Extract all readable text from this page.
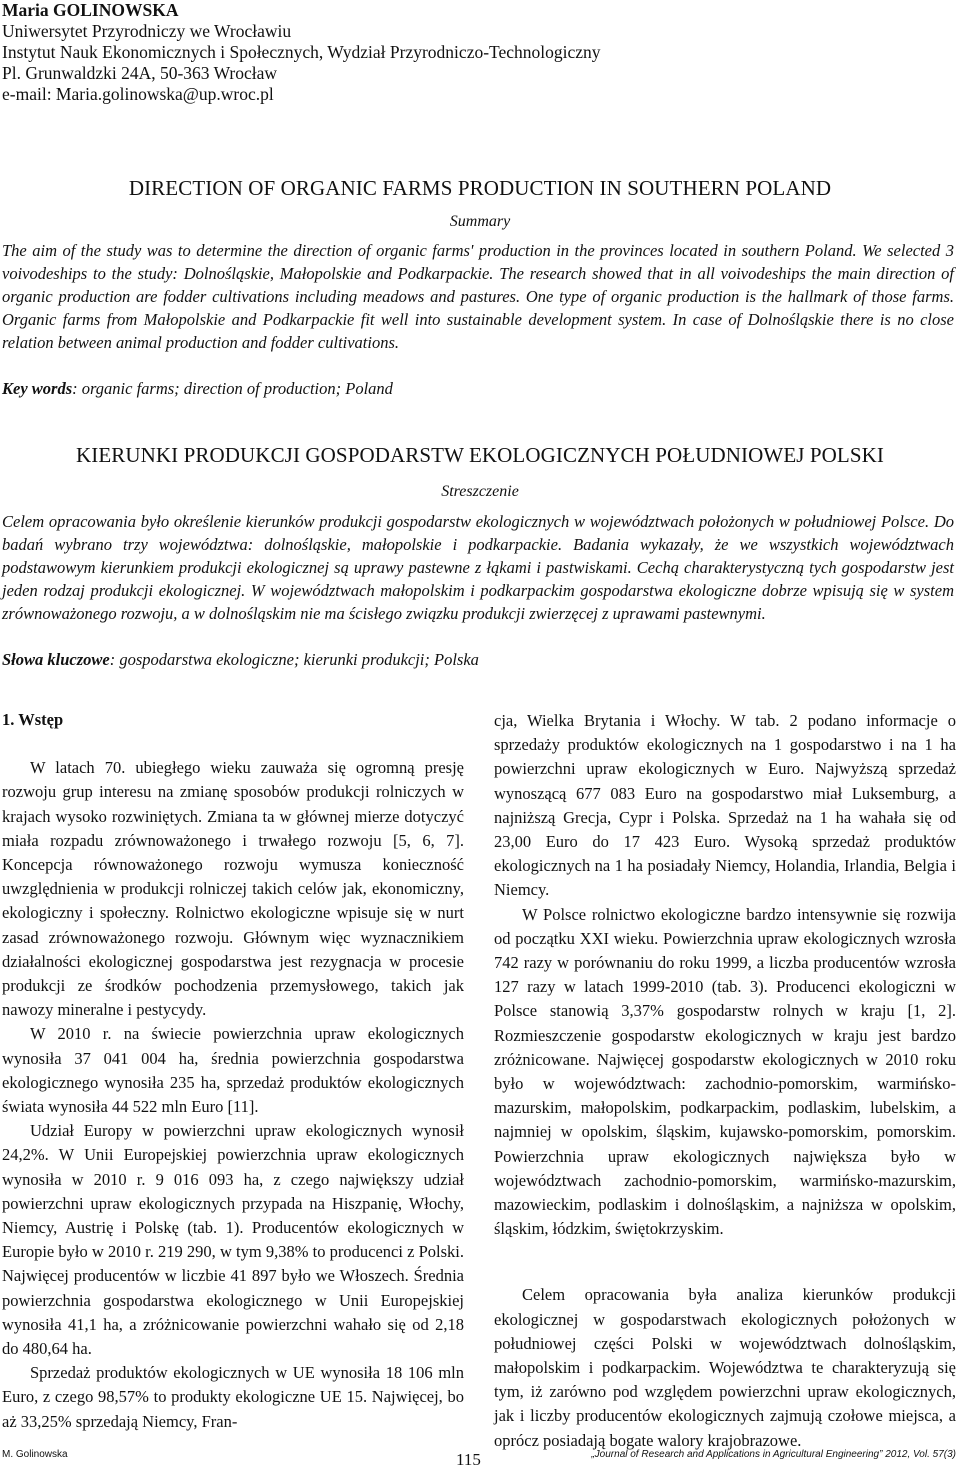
Maria GOLINOWSKA
Uniwersytet Przyrodniczy we Wrocławiu
Instytut Nauk Ekonomicznych i Społecznych, Wydział Przyrodniczo-Technologiczny
Pl. Grunwaldzki 24A, 50-363 Wrocław
e-mail: Maria.golinowska@up.wroc.pl
DIRECTION OF ORGANIC FARMS PRODUCTION IN SOUTHERN POLAND
Summary
The aim of the study was to determine the direction of organic farms' production in the provinces located in southern Poland. We selected 3 voivodeships to the study: Dolnośląskie, Małopolskie and Podkarpackie. The research showed that in all voivodeships the main direction of organic production are fodder cultivations including meadows and pastures. One type of organic production is the hallmark of those farms. Organic farms from Małopolskie and Podkarpackie fit well into sustainable development system. In case of Dolnośląskie there is no close relation between animal production and fodder cultivations.
Key words: organic farms; direction of production; Poland
KIERUNKI PRODUKCJI GOSPODARSTW EKOLOGICZNYCH POŁUDNIOWEJ POLSKI
Streszczenie
Celem opracowania było określenie kierunków produkcji gospodarstw ekologicznych w województwach położonych w południowej Polsce. Do badań wybrano trzy województwa: dolnośląskie, małopolskie i podkarpackie. Badania wykazały, że we wszystkich województwach podstawowym kierunkiem produkcji ekologicznej są uprawy pastewne z łąkami i pastwiskami. Cechą charakterystyczną tych gospodarstw jest jeden rodzaj produkcji ekologicznej. W województwach małopolskim i podkarpackim gospodarstwa ekologiczne dobrze wpisują się w system zrównoważonego rozwoju, a w dolnośląskim nie ma ścisłego związku produkcji zwierzęcej z uprawami pastewnymi.
Słowa kluczowe: gospodarstwa ekologiczne; kierunki produkcji; Polska

1. Wstęp

W latach 70. ubiegłego wieku zauważa się ogromną presję rozwoju grup interesu na zmianę sposobów produkcji rolniczych w krajach wysoko rozwiniętych. Zmiana ta w głównej mierze dotyczyć miała rozpadu zrównoważonego i trwałego rozwoju [5, 6, 7]. Koncepcja równoważonego rozwoju wymusza konieczność uwzględnienia w produkcji rolniczej takich celów jak, ekonomiczny, ekologiczny i społeczny. Rolnictwo ekologiczne wpisuje się w nurt zasad zrównoważonego rozwoju. Głównym więc wyznacznikiem działalności ekologicznej gospodarstwa jest rezygnacja w procesie produkcji ze środków pochodzenia przemysłowego, takich jak nawozy mineralne i pestycydy.

W 2010 r. na świecie powierzchnia upraw ekologicznych wynosiła 37 041 004 ha, średnia powierzchnia gospodarstwa ekologicznego wynosiła 235 ha, sprzedaż produktów ekologicznych świata wynosiła 44 522 mln Euro [11].

Udział Europy w powierzchni upraw ekologicznych wynosił 24,2%. W Unii Europejskiej powierzchnia upraw ekologicznych wynosiła w 2010 r. 9 016 093 ha, z czego największy udział powierzchni upraw ekologicznych przypada na Hiszpanię, Włochy, Niemcy, Austrię i Polskę (tab. 1). Producentów ekologicznych w Europie było w 2010 r. 219 290, w tym 9,38% to producenci z Polski. Najwięcej producentów w liczbie 41 897 było we Włoszech. Średnia powierzchnia gospodarstwa ekologicznego w Unii Europejskiej wynosiła 41,1 ha, a zróżnicowanie powierzchni wahało się od 2,18 do 480,64 ha.

Sprzedaż produktów ekologicznych w UE wynosiła 18 106 mln Euro, z czego 98,57% to produkty ekologiczne UE 15. Najwięcej, bo aż 33,25% sprzedają Niemcy, Fran-

cja, Wielka Brytania i Włochy. W tab. 2 podano informacje o sprzedaży produktów ekologicznych na 1 gospodarstwo i na 1 ha powierzchni upraw ekologicznych w Euro. Najwyższą sprzedaż wynoszącą 677 083 Euro na gospodarstwo miał Luksemburg, a najniższą Grecja, Cypr i Polska. Sprzedaż na 1 ha wahała się od 23,00 Euro do 17 423 Euro. Wysoką sprzedaż produktów ekologicznych na 1 ha posiadały Niemcy, Holandia, Irlandia, Belgia i Niemcy.

W Polsce rolnictwo ekologiczne bardzo intensywnie się rozwija od początku XXI wieku. Powierzchnia upraw ekologicznych wzrosła 742 razy w porównaniu do roku 1999, a liczba producentów wzrosła 127 razy w latach 1999-2010 (tab. 3). Producenci ekologiczni w Polsce stanowią 3,37% gospodarstw rolnych w kraju [1, 2]. Rozmieszczenie gospodarstw ekologicznych w kraju jest bardzo zróżnicowane. Najwięcej gospodarstw ekologicznych w 2010 roku było w województwach: zachodnio-pomorskim, warmińsko-mazurskim, małopolskim, podkarpackim, podlaskim, lubelskim, a najmniej w opolskim, śląskim, kujawsko-pomorskim, pomorskim. Powierzchnia upraw ekologicznych największa było w województwach zachodnio-pomorskim, warmińsko-mazurskim, mazowieckim, podlaskim i dolnośląskim, a najniższa w opolskim, śląskim, łódzkim, świętokrzyskim.

Celem opracowania była analiza kierunków produkcji ekologicznej w gospodarstwach ekologicznych położonych w południowej części Polski w województwach dolnośląskim, małopolskim i podkarpackim. Województwa te charakteryzują się tym, iż zarówno pod względem powierzchni upraw ekologicznych, jak i liczby producentów ekologicznych zajmują czołowe miejsca, a oprócz posiadają bogate walory krajobrazowe.

M. Golinowska	115	„Journal of Research and Applications in Agricultural Engineering” 2012, Vol. 57(3)
